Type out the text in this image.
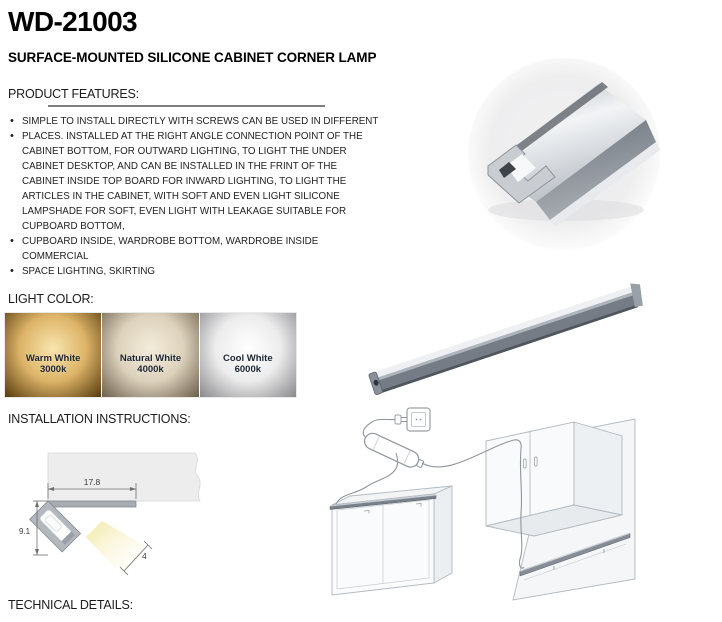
WD-21003
SURFACE-MOUNTED SILICONE CABINET CORNER LAMP
PRODUCT FEATURES:
• SIMPLE TO INSTALL DIRECTLY WITH SCREWS CAN BE USED IN DIFFERENT
• PLACES. INSTALLED AT THE RIGHT ANGLE CONNECTION POINT OF THE CABINET BOTTOM, FOR OUTWARD LIGHTING, TO LIGHT THE UNDER CABINET DESKTOP, AND CAN BE INSTALLED IN THE FRINT OF THE CABINET INSIDE TOP BOARD FOR INWARD LIGHTING, TO LIGHT THE ARTICLES IN THE CABINET, WITH SOFT AND EVEN LIGHT SILICONE LAMPSHADE FOR SOFT, EVEN LIGHT WITH LEAKAGE SUITABLE FOR CUPBOARD BOTTOM,
• CUPBOARD INSIDE, WARDROBE BOTTOM, WARDROBE INSIDE COMMERCIAL
• SPACE LIGHTING, SKIRTING
LIGHT COLOR:
Warm White
3000k
Natural White
4000k
Cool White
6000k
INSTALLATION INSTRUCTIONS:
17.8
9.1
4
TECHNICAL DETAILS:
